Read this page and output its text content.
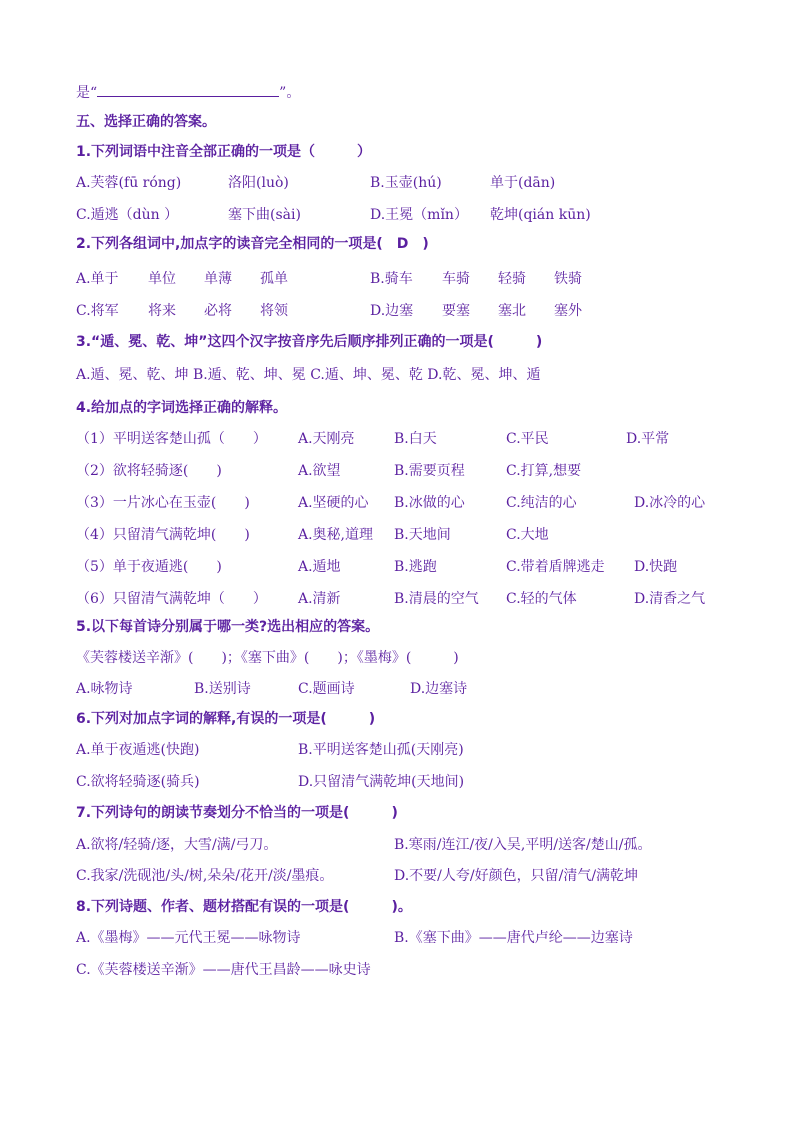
是“	”。
五、选择正确的答案。
1.下列词语中注音全部正确的一项是（　　　）
A.芙蓉(fū róng)	洛阳(luò)	B.玉壶(hú)	单于(dān)
C.遁逃（dùn ）	塞下曲(sài)	D.王冕（mǐn） 乾坤(qián kūn)
2.下列各组词中,加点字的读音完全相同的一项是(　D　)
A.单于 单位 单薄 孤单	B.骑车 车骑 轻骑 铁骑
C.将军 将来 必将 将领	D.边塞 要塞 塞北 塞外
3.“遁、冕、乾、坤”这四个汉字按音序先后顺序排列正确的一项是(　　　)
A.遁、冕、乾、坤 B.遁、乾、坤、冕 C.遁、坤、冕、乾 D.乾、冕、坤、遁
4.给加点的字词选择正确的解释。
（1）平明送客楚山孤（　　） A.天刚亮	B.白天	C.平民	D.平常
（2）欲将轻骑逐(　　)	A.欲望	B.需要页程	C.打算,想要
（3）一片冰心在玉壶(　　)	A.坚硬的心 B.冰做的心	C.纯洁的心	D.冰冷的心
（4）只留清气满乾坤(　　)	A.奥秘,道理 B.天地间	C.大地
（5）单于夜遁逃(　　)	A.遁地	B.逃跑	C.带着盾牌逃走 D.快跑
（6）只留清气满乾坤（　　） A.清新	B.清晨的空气 C.轻的气体	D.清香之气
5.以下每首诗分别属于哪一类?选出相应的答案。
《芙蓉楼送辛渐》(　　)；《塞下曲》(　　)；《墨梅》(　　　)
A.咏物诗	B.送别诗	C.题画诗	D.边塞诗
6.下列对加点字词的解释,有误的一项是(　　　)
A.单于夜遁逃(快跑)	B.平明送客楚山孤(天刚亮)
C.欲将轻骑逐(骑兵)	D.只留清气满乾坤(天地间)
7.下列诗句的朗读节奏划分不恰当的一项是(　　　)
A.欲将/轻骑/逐，大雪/满/弓刀。	B.寒雨/连江/夜/入吴,平明/送客/楚山/孤。
C.我家/洗砚池/头/树,朵朵/花开/淡/墨痕。	D.不要/人夸/好颜色，只留/清气/满乾坤
8.下列诗题、作者、题材搭配有误的一项是(　　　)。
A.《墨梅》——元代王冕——咏物诗	B.《塞下曲》——唐代卢纶——边塞诗
C.《芙蓉楼送辛渐》——唐代王昌龄——咏史诗
